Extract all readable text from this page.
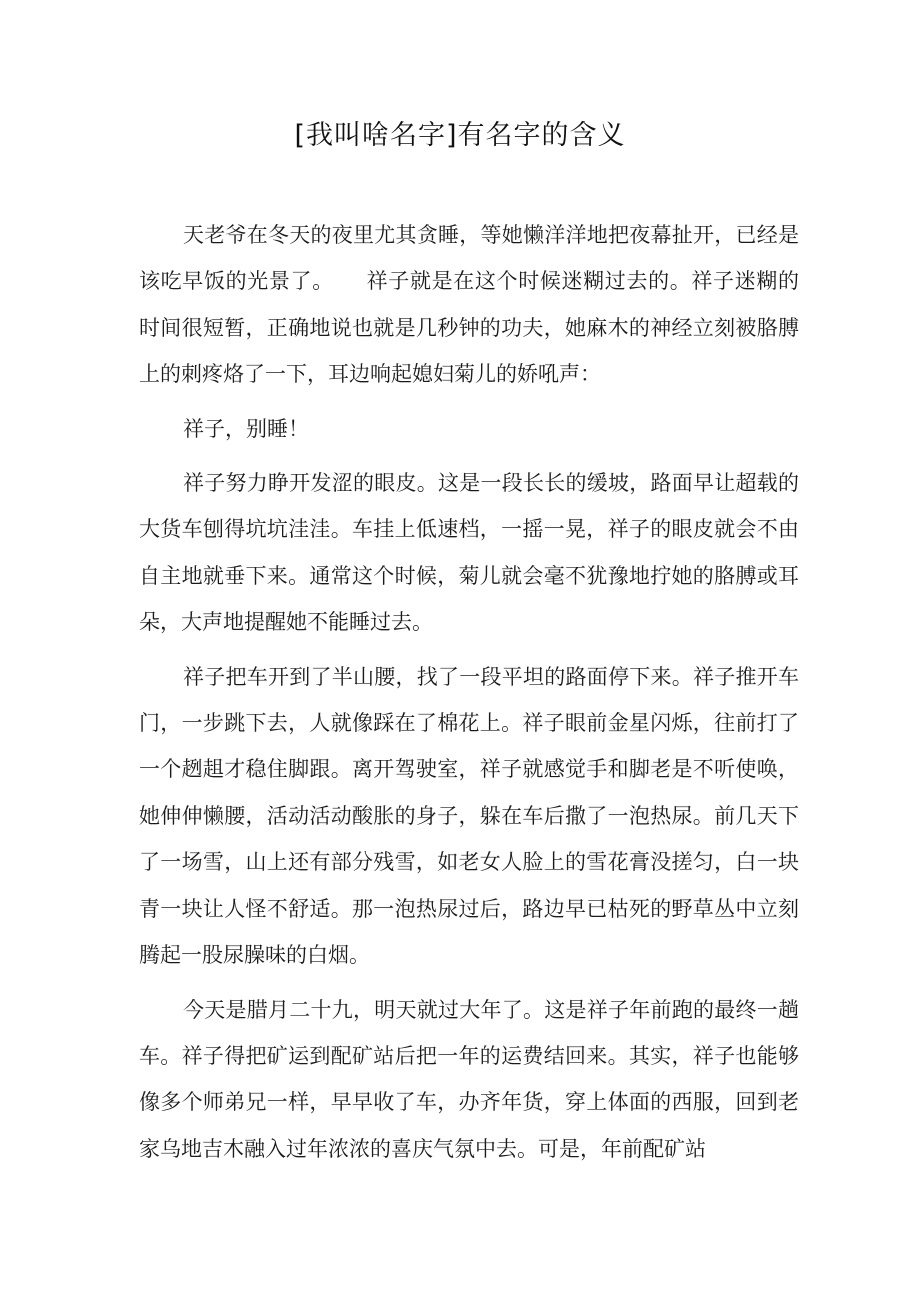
[我叫啥名字]有名字的含义

天老爷在冬天的夜里尤其贪睡，等她懒洋洋地把夜幕扯开，已经是该吃早饭的光景了。　　祥子就是在这个时候迷糊过去的。祥子迷糊的时间很短暂，正确地说也就是几秒钟的功夫，她麻木的神经立刻被胳膊上的刺疼烙了一下，耳边响起媳妇菊儿的娇吼声：

祥子，别睡！

祥子努力睁开发涩的眼皮。这是一段长长的缓坡，路面早让超载的大货车刨得坑坑洼洼。车挂上低速档，一摇一晃，祥子的眼皮就会不由自主地就垂下来。通常这个时候，菊儿就会毫不犹豫地拧她的胳膊或耳朵，大声地提醒她不能睡过去。

祥子把车开到了半山腰，找了一段平坦的路面停下来。祥子推开车门，一步跳下去，人就像踩在了棉花上。祥子眼前金星闪烁，往前打了一个趔趄才稳住脚跟。离开驾驶室，祥子就感觉手和脚老是不听使唤，她伸伸懒腰，活动活动酸胀的身子，躲在车后撒了一泡热尿。前几天下了一场雪，山上还有部分残雪，如老女人脸上的雪花膏没搓匀，白一块青一块让人怪不舒适。那一泡热尿过后，路边早已枯死的野草丛中立刻腾起一股尿臊味的白烟。

今天是腊月二十九，明天就过大年了。这是祥子年前跑的最终一趟车。祥子得把矿运到配矿站后把一年的运费结回来。其实，祥子也能够像多个师弟兄一样，早早收了车，办齐年货，穿上体面的西服，回到老家乌地吉木融入过年浓浓的喜庆气氛中去。可是，年前配矿站
